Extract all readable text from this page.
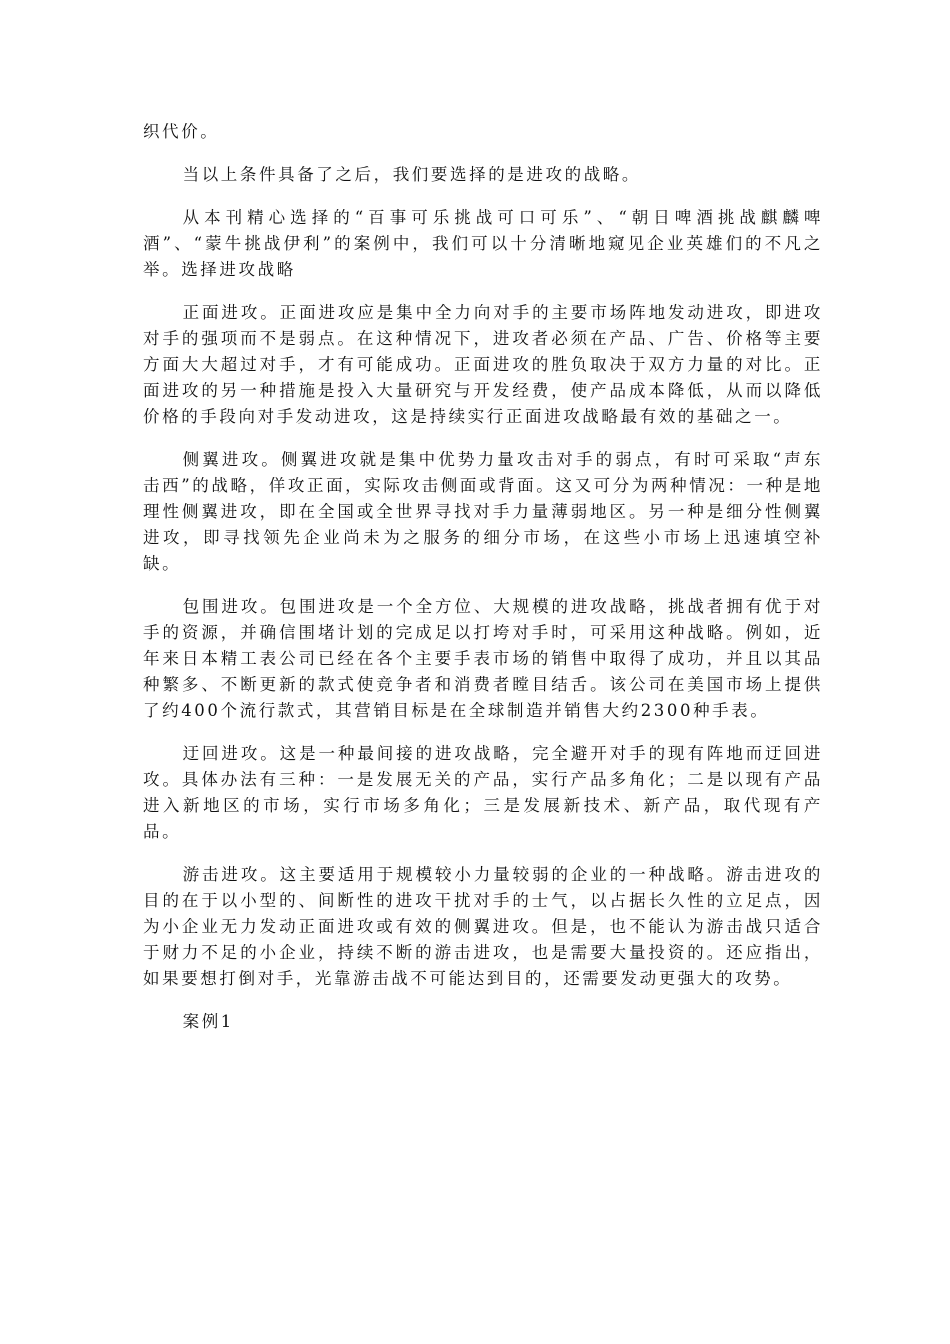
织代价。

当以上条件具备了之后，我们要选择的是进攻的战略。

从本刊精心选择的“百事可乐挑战可口可乐”、“朝日啤酒挑战麒麟啤酒”、“蒙牛挑战伊利”的案例中，我们可以十分清晰地窥见企业英雄们的不凡之举。选择进攻战略

正面进攻。正面进攻应是集中全力向对手的主要市场阵地发动进攻，即进攻对手的强项而不是弱点。在这种情况下，进攻者必须在产品、广告、价格等主要方面大大超过对手，才有可能成功。正面进攻的胜负取决于双方力量的对比。正面进攻的另一种措施是投入大量研究与开发经费，使产品成本降低，从而以降低价格的手段向对手发动进攻，这是持续实行正面进攻战略最有效的基础之一。

侧翼进攻。侧翼进攻就是集中优势力量攻击对手的弱点，有时可采取“声东击西”的战略，佯攻正面，实际攻击侧面或背面。这又可分为两种情况：一种是地理性侧翼进攻，即在全国或全世界寻找对手力量薄弱地区。另一种是细分性侧翼进攻，即寻找领先企业尚未为之服务的细分市场，在这些小市场上迅速填空补缺。

包围进攻。包围进攻是一个全方位、大规模的进攻战略，挑战者拥有优于对手的资源，并确信围堵计划的完成足以打垮对手时，可采用这种战略。例如，近年来日本精工表公司已经在各个主要手表市场的销售中取得了成功，并且以其品种繁多、不断更新的款式使竞争者和消费者瞠目结舌。该公司在美国市场上提供了约400个流行款式，其营销目标是在全球制造并销售大约2300种手表。

迂回进攻。这是一种最间接的进攻战略，完全避开对手的现有阵地而迂回进攻。具体办法有三种：一是发展无关的产品，实行产品多角化；二是以现有产品进入新地区的市场，实行市场多角化；三是发展新技术、新产品，取代现有产品。

游击进攻。这主要适用于规模较小力量较弱的企业的一种战略。游击进攻的目的在于以小型的、间断性的进攻干扰对手的士气，以占据长久性的立足点，因为小企业无力发动正面进攻或有效的侧翼进攻。但是，也不能认为游击战只适合于财力不足的小企业，持续不断的游击进攻，也是需要大量投资的。还应指出，如果要想打倒对手，光靠游击战不可能达到目的，还需要发动更强大的攻势。

案例1
